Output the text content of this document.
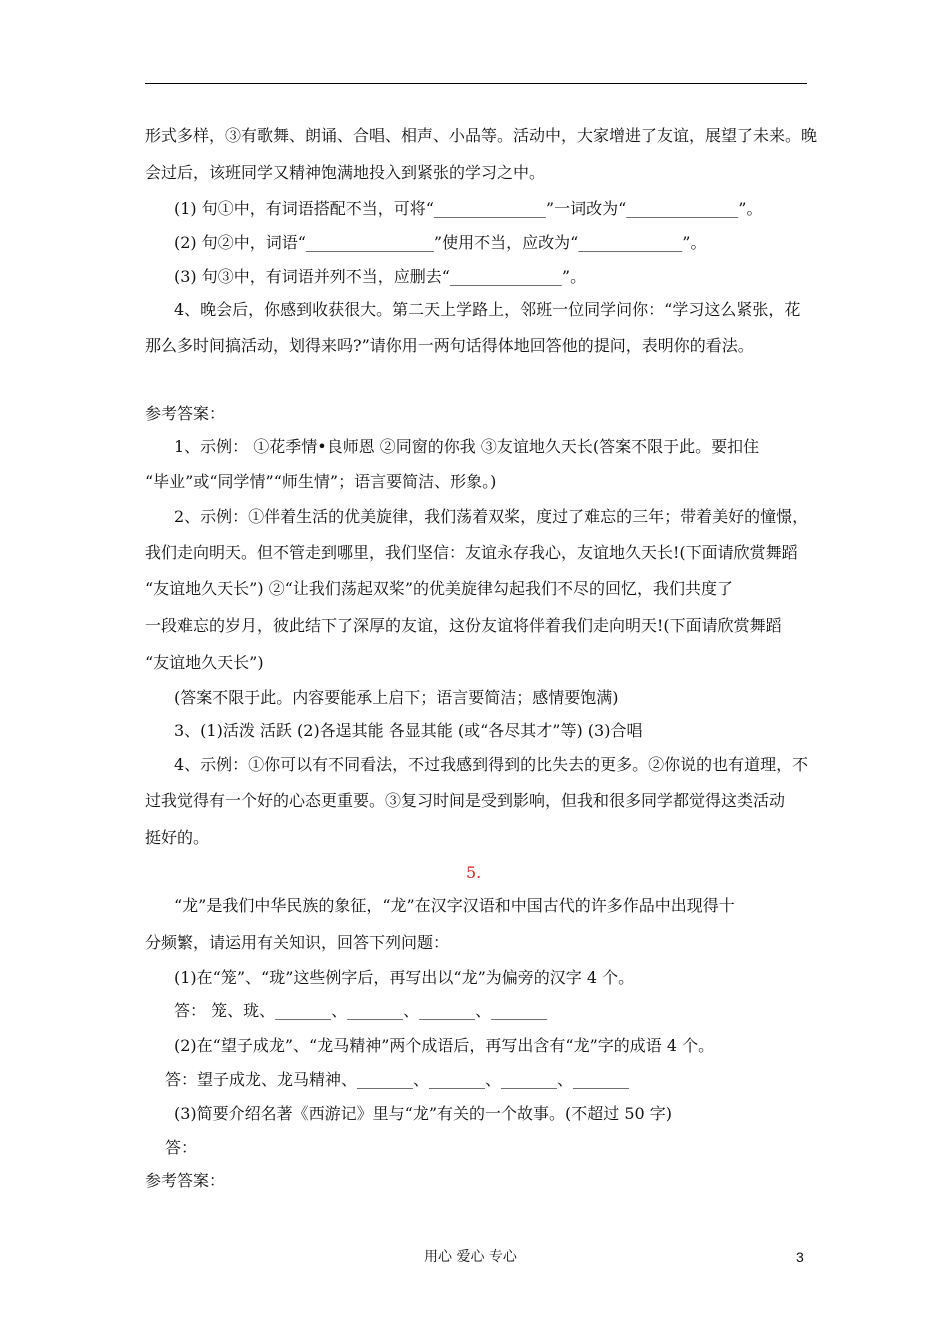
形式多样，③有歌舞、朗诵、合唱、相声、小品等。活动中，大家增进了友谊，展望了未来。晚
会过后，该班同学又精神饱满地投入到紧张的学习之中。
(1) 句①中，有词语搭配不当，可将“______________”一词改为“______________”。
(2) 句②中，词语“________________”使用不当，应改为“_____________”。
(3) 句③中，有词语并列不当，应删去“______________”。
4、晚会后，你感到收获很大。第二天上学路上，邻班一位同学问你：“学习这么紧张，花
那么多时间搞活动，划得来吗?”请你用一两句话得体地回答他的提问，表明你的看法。
参考答案：
1、示例： ①花季情•良师恩 ②同窗的你我 ③友谊地久天长(答案不限于此。要扣住
“毕业”或“同学情”“师生情”；语言要简洁、形象。)
2、示例：①伴着生活的优美旋律，我们荡着双桨，度过了难忘的三年；带着美好的憧憬，
我们走向明天。但不管走到哪里，我们坚信：友谊永存我心，友谊地久天长!(下面请欣赏舞蹈
“友谊地久天长”) ②“让我们荡起双桨”的优美旋律勾起我们不尽的回忆，我们共度了
一段难忘的岁月，彼此结下了深厚的友谊，这份友谊将伴着我们走向明天!(下面请欣赏舞蹈
“友谊地久天长”)
(答案不限于此。内容要能承上启下；语言要简洁；感情要饱满)
3、(1)活泼 活跃 (2)各逞其能 各显其能 (或“各尽其才”等) (3)合唱
4、示例：①你可以有不同看法，不过我感到得到的比失去的更多。②你说的也有道理，不
过我觉得有一个好的心态更重要。③复习时间是受到影响，但我和很多同学都觉得这类活动
挺好的。
5.
“龙”是我们中华民族的象征，“龙”在汉字汉语和中国古代的许多作品中出现得十
分频繁，请运用有关知识，回答下列问题：
(1)在“笼”、“珑”这些例字后，再写出以“龙”为偏旁的汉字 4 个。
答： 笼、珑、_______、_______、_______、_______
(2)在“望子成龙”、“龙马精神”两个成语后，再写出含有“龙”字的成语 4 个。
答：望子成龙、龙马精神、_______、_______、_______、_______
(3)简要介绍名著《西游记》里与“龙”有关的一个故事。(不超过 50 字)
答：
参考答案：
用心 爱心 专心	3
